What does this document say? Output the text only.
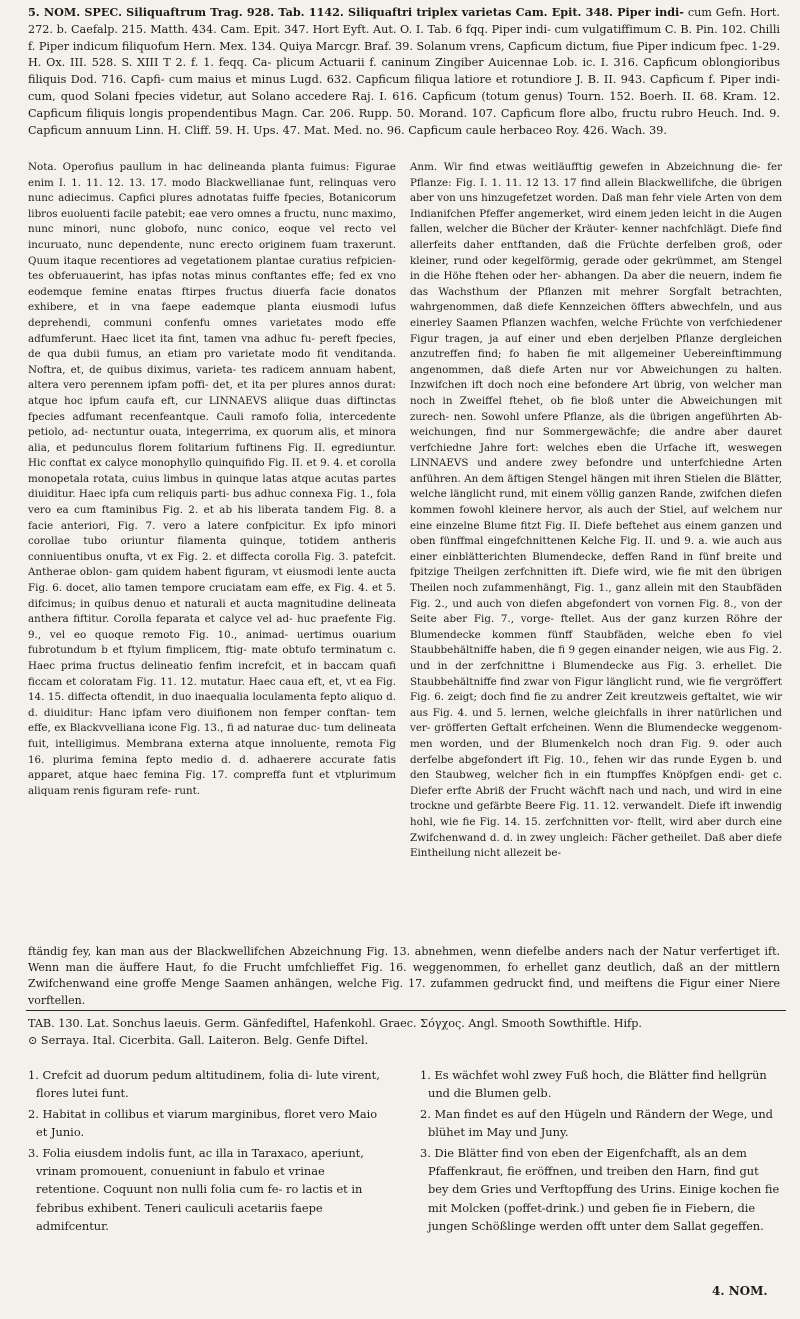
5. NOM. SPEC. Siliquaftrum Trag. 928. Tab. 1142. Siliquaftri triplex varietas Cam. Epit. 348. Piper indi- cum Gefn. Hort. 272. b. Caefalp. 215. Matth. 434. Cam. Epit. 347. Hort Eyft. Aut. O. I. Tab. 6 fqq. Piper indi- cum vulgatiffimum C. B. Pin. 102. Chilli f. Piper indicum filiquofum Hern. Mex. 134. Quiya Marcgr. Braf. 39. Solanum vrens, Capficum dictum, fiue Piper indicum fpec. 1-29. H. Ox. III. 528. S. XIII T 2. f. 1. feqq. Ca- plicum Actuarii f. caninum Zingiber Auicennae Lob. ic. I. 316. Capficum oblongioribus filiquis Dod. 716. Capfi- cum maius et minus Lugd. 632. Capficum filiqua latiore et rotundiore J. B. II. 943. Capficum f. Piper indi- cum, quod Solani fpecies videtur, aut Solano accedere Raj. I. 616. Capficum (totum genus) Tourn. 152. Boerh. II. 68. Kram. 12. Capficum filiquis longis propendentibus Magn. Car. 206. Rupp. 50. Morand. 107. Capficum flore albo, fructu rubro Heuch. Ind. 9. Capficum annuum Linn. H. Cliff. 59. H. Ups. 47. Mat. Med. no. 96. Capficum caule herbaceo Roy. 426. Wach. 39.
Nota. Operofius paullum in hac delineanda planta fuimus: Figurae enim I. 1. 11. 12. 13. 17. modo Blackwellianae funt, relinquas vero nunc adiecimus. Capfici plures adnotatas fuiffe fpecies, Botanicorum libros euoluenti facile patebit; eae vero omnes a fructu, nunc maximo, nunc minori, nunc globofo, nunc conico, eoque vel recto vel incuruato, nunc dependente, nunc erecto originem fuam traxerunt. Quum itaque recentiores ad vegetationem plantae curatius refpicien- tes obferuauerint, has ipfas notas minus conftantes effe; fed ex vno eodemque femine enatas ftirpes fructus diuerfa facie donatos exhibere, et in vna faepe eademque planta eiusmodi lufus deprehendi, communi confenfu omnes varietates modo effe adfumferunt. Haec licet ita fint, tamen vna adhuc fu- pereft fpecies, de qua dubii fumus, an etiam pro varietate modo fit venditanda. Noftra, et, de quibus diximus, varieta- tes radicem annuam habent, altera vero perennem ipfam poffi- det, et ita per plures annos durat: atque hoc ipfum caufa eft, cur LINNAEVS aliique duas diftinctas fpecies adfumant recenfeantque. Cauli ramofo folia, intercedente petiolo, ad- nectuntur ouata, integerrima, ex quorum alis, et minora alia, et pedunculus florem folitarium fuftinens Fig. II. egrediuntur. Hic conftat ex calyce monophyllo quinquifido Fig. II. et 9. 4. et corolla monopetala rotata, cuius limbus in quinque latas atque acutas partes diuiditur. Haec ipfa cum reliquis parti- bus adhuc connexa Fig. 1., fola vero ea cum ftaminibus Fig. 2. et ab his liberata tandem Fig. 8. a facie anteriori, Fig. 7. vero a latere confpicitur. Ex ipfo minori corollae tubo oriuntur filamenta quinque, totidem antheris conniuentibus onufta, vt ex Fig. 2. et diffecta corolla Fig. 3. patefcit. Antherae oblon- gam quidem habent figuram, vt eiusmodi lente aucta Fig. 6. docet, alio tamen tempore cruciatam eam effe, ex Fig. 4. et 5. difcimus; in quibus denuo et naturali et aucta magnitudine delineata anthera fiftitur. Corolla feparata et calyce vel ad- huc praefente Fig. 9., vel eo quoque remoto Fig. 10., animad- uertimus ouarium fubrotundum b et ftylum fimplicem, ftig- mate obtufo terminatum c. Haec prima fructus delineatio fenfim increfcit, et in baccam quafi ficcam et coloratam Fig. 11. 12. mutatur. Haec caua eft, et, vt ea Fig. 14. 15. diffecta oftendit, in duo inaequalia loculamenta fepto aliquo d. d. diuiditur: Hanc ipfam vero diuifionem non femper conftan- tem effe, ex Blackvvelliana icone Fig. 13., fi ad naturae duc- tum delineata fuit, intelligimus. Membrana externa atque innoluente, remota Fig 16. plurima femina fepto medio d. d. adhaerere accurate fatis apparet, atque haec femina Fig. 17. compreffa funt et vtplurimum aliquam renis figuram refe- runt.
Anm. Wir find etwas weitläufftig gewefen in Abzeichnung die- fer Pflanze: Fig. I. 1. 11. 12 13. 17 find allein Blackwellifche, die übrigen aber von uns hinzugefetzet worden. Daß man fehr viele Arten von dem Indianifchen Pfeffer angemerket, wird einem jeden leicht in die Augen fallen, welcher die Bücher der Kräuter- kenner nachfchlägt. Diefe find allerfeits daher entftanden, daß die Früchte derfelben groß, oder kleiner, rund oder kegelförmig, gerade oder gekrümmet, am Stengel in die Höhe ftehen oder her- abhangen. Da aber die neuern, indem fie das Wachsthum der Pflanzen mit mehrer Sorgfalt betrachten, wahrgenommen, daß diefe Kennzeichen öffters abwechfeln, und aus einerley Saamen Pflanzen wachfen, welche Früchte von verfchiedener Figur tragen, ja auf einer und eben derjelben Pflanze dergleichen anzutreffen find; fo haben fie mit allgemeiner Uebereinftimmung angenommen, daß diefe Arten nur vor Abweichungen zu halten. Inzwifchen ift doch noch eine befondere Art übrig, von welcher man noch in Zweiffel ftehet, ob fie bloß unter die Abweichungen mit zurech- nen. Sowohl unfere Pflanze, als die übrigen angeführten Ab- weichungen, find nur Sommergewächfe; die andre aber dauret verfchiedne Jahre fort: welches eben die Urfache ift, weswegen LINNAEVS und andere zwey befondre und unterfchiedne Arten anführen. An dem äftigen Stengel hängen mit ihren Stielen die Blätter, welche länglicht rund, mit einem völlig ganzen Rande, zwifchen diefen kommen fowohl kleinere hervor, als auch der Stiel, auf welchem nur eine einzelne Blume fitzt Fig. II. Diefe beftehet aus einem ganzen und oben fünffmal eingefchnittenen Kelche Fig. II. und 9. a. wie auch aus einer einblätterichten Blumendecke, deffen Rand in fünf breite und fpitzige Theilgen zerfchnitten ift. Diefe wird, wie fie mit den übrigen Theilen noch zufammenhängt, Fig. 1., ganz allein mit den Staubfäden Fig. 2., und auch von diefen abgefondert von vornen Fig. 8., von der Seite aber Fig. 7., vorge- ftellet. Aus der ganz kurzen Röhre der Blumendecke kommen fünff Staubfäden, welche eben fo viel Staubbehältniffe haben, die fi 9 gegen einander neigen, wie aus Fig. 2. und in der zerfchnittne i Blumendecke aus Fig. 3. erhellet. Die Staubbehältniffe find zwar von Figur länglicht rund, wie fie vergröffert Fig. 6. zeigt; doch find fie zu andrer Zeit kreutzweis geftaltet, wie wir aus Fig. 4. und 5. lernen, welche gleichfalls in ihrer natürlichen und ver- gröfferten Geftalt erfcheinen. Wenn die Blumendecke weggenom- men worden, und der Blumenkelch noch dran Fig. 9. oder auch derfelbe abgefondert ift Fig. 10., fehen wir das runde Eygen b. und den Staubweg, welcher fich in ein ftumpffes Knöpfgen endi- get c. Diefer erfte Abriß der Frucht wächft nach und nach, und wird in eine trockne und gefärbte Beere Fig. 11. 12. verwandelt. Diefe ift inwendig hohl, wie fie Fig. 14. 15. zerfchnitten vor- ftellt, wird aber durch eine Zwifchenwand d. d. in zwey ungleich: Fächer getheilet. Daß aber diefe Eintheilung nicht allezeit be-
ftändig fey, kan man aus der Blackwellifchen Abzeichnung Fig. 13. abnehmen, wenn diefelbe anders nach der Natur verfertiget ift. Wenn man die äuffere Haut, fo die Frucht umfchlieffet Fig. 16. weggenommen, fo erhellet ganz deutlich, daß an der mittlern Zwifchenwand eine groffe Menge Saamen anhängen, welche Fig. 17. zufammen gedruckt find, und meiftens die Figur einer Niere vorftellen.
TAB. 130. Lat. Sonchus laeuis. Germ. Gänfediftel, Hafenkohl. Graec. Σόγχος. Angl. Smooth Sowthiftle. Hifp.
⊙ Serraya. Ital. Cicerbita. Gall. Laiteron. Belg. Genfe Diftel.

1. Crefcit ad duorum pedum altitudinem, folia di- lute virent, flores lutei funt.

2. Habitat in collibus et viarum marginibus, floret vero Maio et Junio.

3. Folia eiusdem indolis funt, ac illa in Taraxaco, aperiunt, vrinam promouent, conueniunt in fabulo et vrinae retentione. Coquunt non nulli folia cum fe- ro lactis et in febribus exhibent. Teneri cauliculi acetariis faepe admifcentur.

1. Es wächfet wohl zwey Fuß hoch, die Blätter find hellgrün und die Blumen gelb.

2. Man findet es auf den Hügeln und Rändern der Wege, und blühet im May und Juny.

3. Die Blätter find von eben der Eigenfchafft, als an dem Pfaffenkraut, fie eröffnen, und treiben den Harn, find gut bey dem Gries und Verftopffung des Urins. Einige kochen fie mit Molcken (poffet-drink.) und geben fie in Fiebern, die jungen Schößlinge werden offt unter dem Sallat gegeffen.

4. NOM.
